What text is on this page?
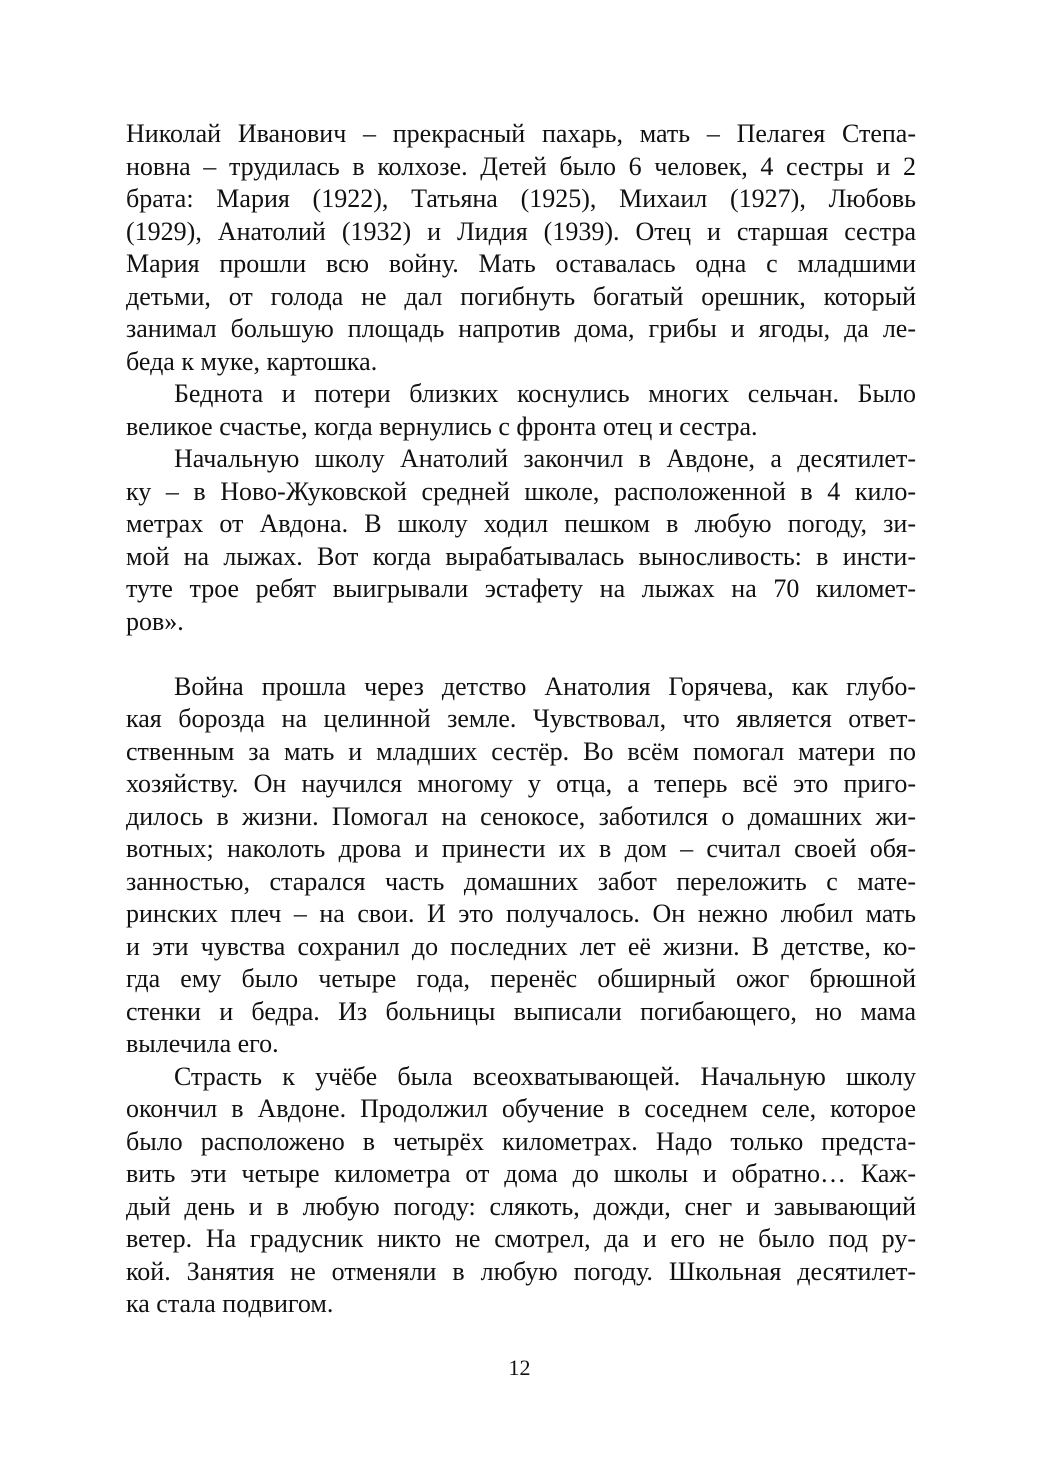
Николай Иванович – прекрасный пахарь, мать – Пелагея Степа-
новна – трудилась в колхозе. Детей было 6 человек, 4 сестры и 2
брата: Мария (1922), Татьяна (1925), Михаил (1927), Любовь
(1929), Анатолий (1932) и Лидия (1939). Отец и старшая сестра
Мария прошли всю войну. Мать оставалась одна с младшими
детьми, от голода не дал погибнуть богатый орешник, который
занимал большую площадь напротив дома, грибы и ягоды, да ле-
беда к муке, картошка.
Беднота и потери близких коснулись многих сельчан. Было
великое счастье, когда вернулись с фронта отец и сестра.
Начальную школу Анатолий закончил в Авдоне, а десятилет-
ку – в Ново-Жуковской средней школе, расположенной в 4 кило-
метрах от Авдона. В школу ходил пешком в любую погоду, зи-
мой на лыжах. Вот когда вырабатывалась выносливость: в инсти-
туте трое ребят выигрывали эстафету на лыжах на 70 километ-
ров».
Война прошла через детство Анатолия Горячева, как глубо-
кая борозда на целинной земле. Чувствовал, что является ответ-
ственным за мать и младших сестёр. Во всём помогал матери по
хозяйству. Он научился многому у отца, а теперь всё это приго-
дилось в жизни. Помогал на сенокосе, заботился о домашних жи-
вотных; наколоть дрова и принести их в дом – считал своей обя-
занностью, старался часть домашних забот переложить с мате-
ринских плеч – на свои. И это получалось. Он нежно любил мать
и эти чувства сохранил до последних лет её жизни. В детстве, ко-
гда ему было четыре года, перенёс обширный ожог брюшной
стенки и бедра. Из больницы выписали погибающего, но мама
вылечила его.
Страсть к учёбе была всеохватывающей. Начальную школу
окончил в Авдоне. Продолжил обучение в соседнем селе, которое
было расположено в четырёх километрах. Надо только предста-
вить эти четыре километра от дома до школы и обратно… Каж-
дый день и в любую погоду: слякоть, дожди, снег и завывающий
ветер. На градусник никто не смотрел, да и его не было под ру-
кой. Занятия не отменяли в любую погоду. Школьная десятилет-
ка стала подвигом.
12
